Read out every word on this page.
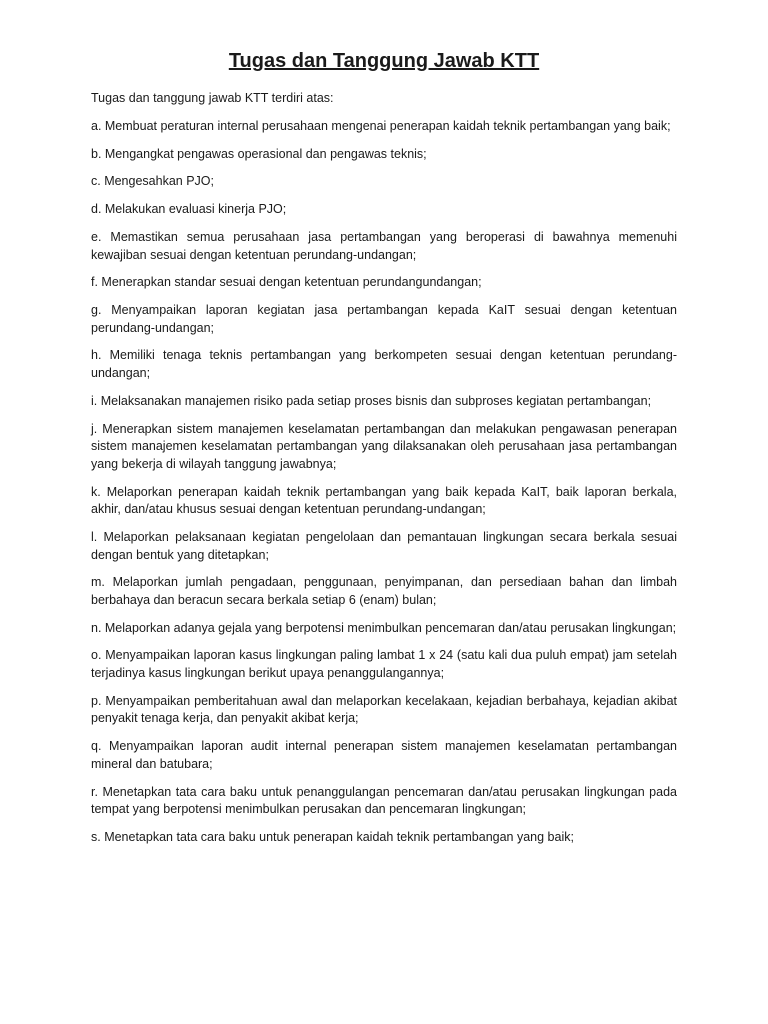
Tugas dan Tanggung Jawab KTT

Tugas dan tanggung jawab KTT terdiri atas:

a. Membuat peraturan internal perusahaan mengenai penerapan kaidah teknik pertambangan yang baik;
b. Mengangkat pengawas operasional dan pengawas teknis;
c. Mengesahkan PJO;
d. Melakukan evaluasi kinerja PJO;
e. Memastikan semua perusahaan jasa pertambangan yang beroperasi di bawahnya memenuhi kewajiban sesuai dengan ketentuan perundang-undangan;
f. Menerapkan standar sesuai dengan ketentuan perundangundangan;
g. Menyampaikan laporan kegiatan jasa pertambangan kepada KaIT sesuai dengan ketentuan perundang-undangan;
h. Memiliki tenaga teknis pertambangan yang berkompeten sesuai dengan ketentuan perundang-undangan;
i. Melaksanakan manajemen risiko pada setiap proses bisnis dan subproses kegiatan pertambangan;
j. Menerapkan sistem manajemen keselamatan pertambangan dan melakukan pengawasan penerapan sistem manajemen keselamatan pertambangan yang dilaksanakan oleh perusahaan jasa pertambangan yang bekerja di wilayah tanggung jawabnya;
k. Melaporkan penerapan kaidah teknik pertambangan yang baik kepada KaIT, baik laporan berkala, akhir, dan/atau khusus sesuai dengan ketentuan perundang-undangan;
l. Melaporkan pelaksanaan kegiatan pengelolaan dan pemantauan lingkungan secara berkala sesuai dengan bentuk yang ditetapkan;
m. Melaporkan jumlah pengadaan, penggunaan, penyimpanan, dan persediaan bahan dan limbah berbahaya dan beracun secara berkala setiap 6 (enam) bulan;
n. Melaporkan adanya gejala yang berpotensi menimbulkan pencemaran dan/atau perusakan lingkungan;
o. Menyampaikan laporan kasus lingkungan paling lambat 1 x 24 (satu kali dua puluh empat) jam setelah terjadinya kasus lingkungan berikut upaya penanggulangannya;
p. Menyampaikan pemberitahuan awal dan melaporkan kecelakaan, kejadian berbahaya, kejadian akibat penyakit tenaga kerja, dan penyakit akibat kerja;
q. Menyampaikan laporan audit internal penerapan sistem manajemen keselamatan pertambangan mineral dan batubara;
r. Menetapkan tata cara baku untuk penanggulangan pencemaran dan/atau perusakan lingkungan pada tempat yang berpotensi menimbulkan perusakan dan pencemaran lingkungan;
s. Menetapkan tata cara baku untuk penerapan kaidah teknik pertambangan yang baik;
